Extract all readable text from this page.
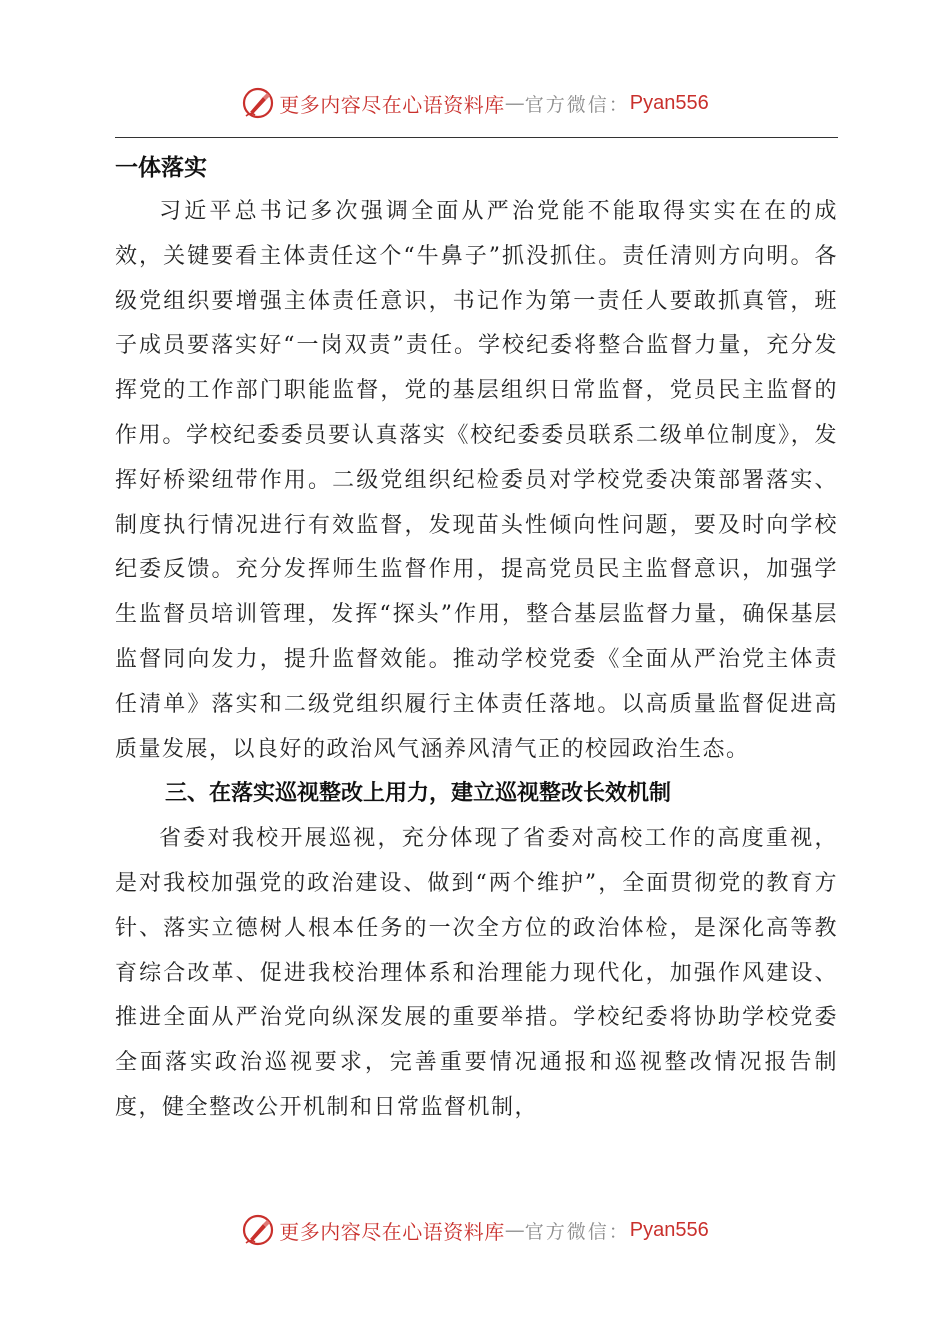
更多内容尽在心语资料库 — 官方微信： Pyan556

一体落实

习近平总书记多次强调全面从严治党能不能取得实实在在的成效，关键要看主体责任这个“牛鼻子”抓没抓住。责任清则方向明。各级党组织要增强主体责任意识，书记作为第一责任人要敢抓真管，班子成员要落实好“一岗双责”责任。学校纪委将整合监督力量，充分发挥党的工作部门职能监督，党的基层组织日常监督，党员民主监督的作用。学校纪委委员要认真落实《校纪委委员联系二级单位制度》，发挥好桥梁纽带作用。二级党组织纪检委员对学校党委决策部署落实、制度执行情况进行有效监督，发现苗头性倾向性问题，要及时向学校纪委反馈。充分发挥师生监督作用，提高党员民主监督意识，加强学生监督员培训管理，发挥“探头”作用，整合基层监督力量，确保基层监督同向发力，提升监督效能。推动学校党委《全面从严治党主体责任清单》落实和二级党组织履行主体责任落地。以高质量监督促进高质量发展，以良好的政治风气涵养风清气正的校园政治生态。

三、在落实巡视整改上用力，建立巡视整改长效机制

省委对我校开展巡视，充分体现了省委对高校工作的高度重视，是对我校加强党的政治建设、做到“两个维护”，全面贯彻党的教育方针、落实立德树人根本任务的一次全方位的政治体检，是深化高等教育综合改革、促进我校治理体系和治理能力现代化，加强作风建设、推进全面从严治党向纵深发展的重要举措。学校纪委将协助学校党委全面落实政治巡视要求，完善重要情况通报和巡视整改情况报告制度，健全整改公开机制和日常监督机制，

更多内容尽在心语资料库 — 官方微信： Pyan556
